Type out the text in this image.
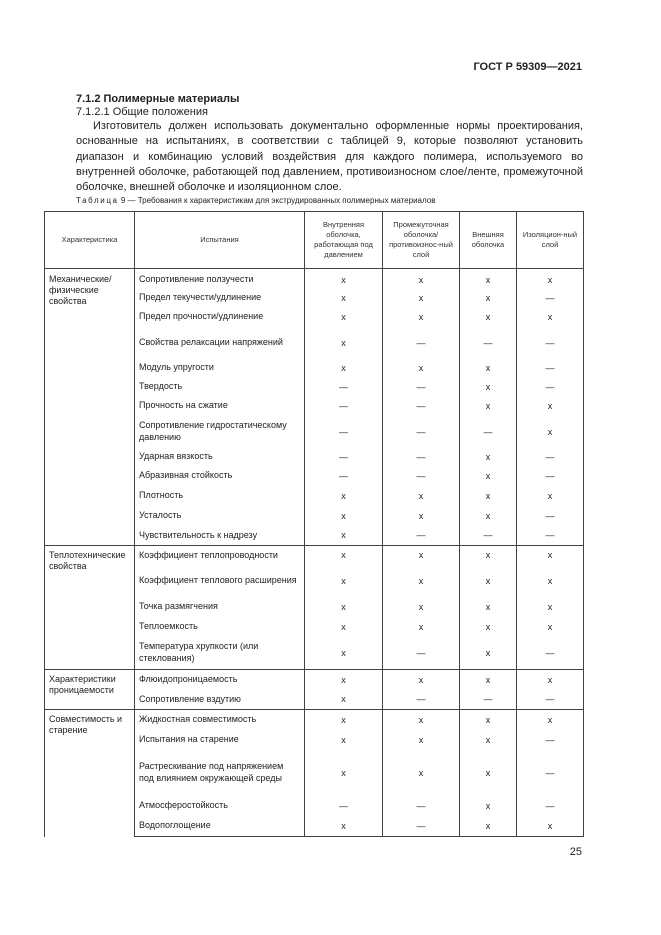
ГОСТ Р 59309—2021
7.1.2 Полимерные материалы
7.1.2.1 Общие положения
Изготовитель должен использовать документально оформленные нормы проектирования, основанные на испытаниях, в соответствии с таблицей 9, которые позволяют установить диапазон и комбинацию условий воздействия для каждого полимера, используемого во внутренней оболочке, работающей под давлением, противоизносном слое/ленте, промежуточной оболочке, внешней оболочке и изоляционном слое.
Таблица 9 — Требования к характеристикам для экструдированных полимерных материалов
Характеристика	Испытания	Внутренняя оболочка, работающая под давлением	Промежуточная оболочка/ противоизнос-ный слой	Внешняя оболочка	Изоляцион-ный слой
Механические/ физические свойства	Сопротивление ползучести	x	x	x	x
	Предел текучести/удлинение	x	x	x	—
	Предел прочности/удлинение	x	x	x	x
	Свойства релаксации напряжений	x	—	—	—
	Модуль упругости	x	x	x	—
	Твердость	—	—	x	—
	Прочность на сжатие	—	—	x	x
	Сопротивление гидростатическому давлению	—	—	—	x
	Ударная вязкость	—	—	x	—
	Абразивная стойкость	—	—	x	—
	Плотность	x	x	x	x
	Усталость	x	x	x	—
	Чувствительность к надрезу	x	—	—	—
Теплотехнические свойства	Коэффициент теплопроводности	x	x	x	x
	Коэффициент теплового расширения	x	x	x	x
	Точка размягчения	x	x	x	x
	Теплоемкость	x	x	x	x
	Температура хрупкости (или стеклования)	x	—	x	—
Характеристики проницаемости	Флюидопроницаемость	x	x	x	x
	Сопротивление вздутию	x	—	—	—
Совместимость и старение	Жидкостная совместимость	x	x	x	x
	Испытания на старение	x	x	x	—
	Растрескивание под напряжением под влиянием окружающей среды	x	x	x	—
	Атмосферостойкость	—	—	x	—
	Водопоглощение	x	—	x	x
25
